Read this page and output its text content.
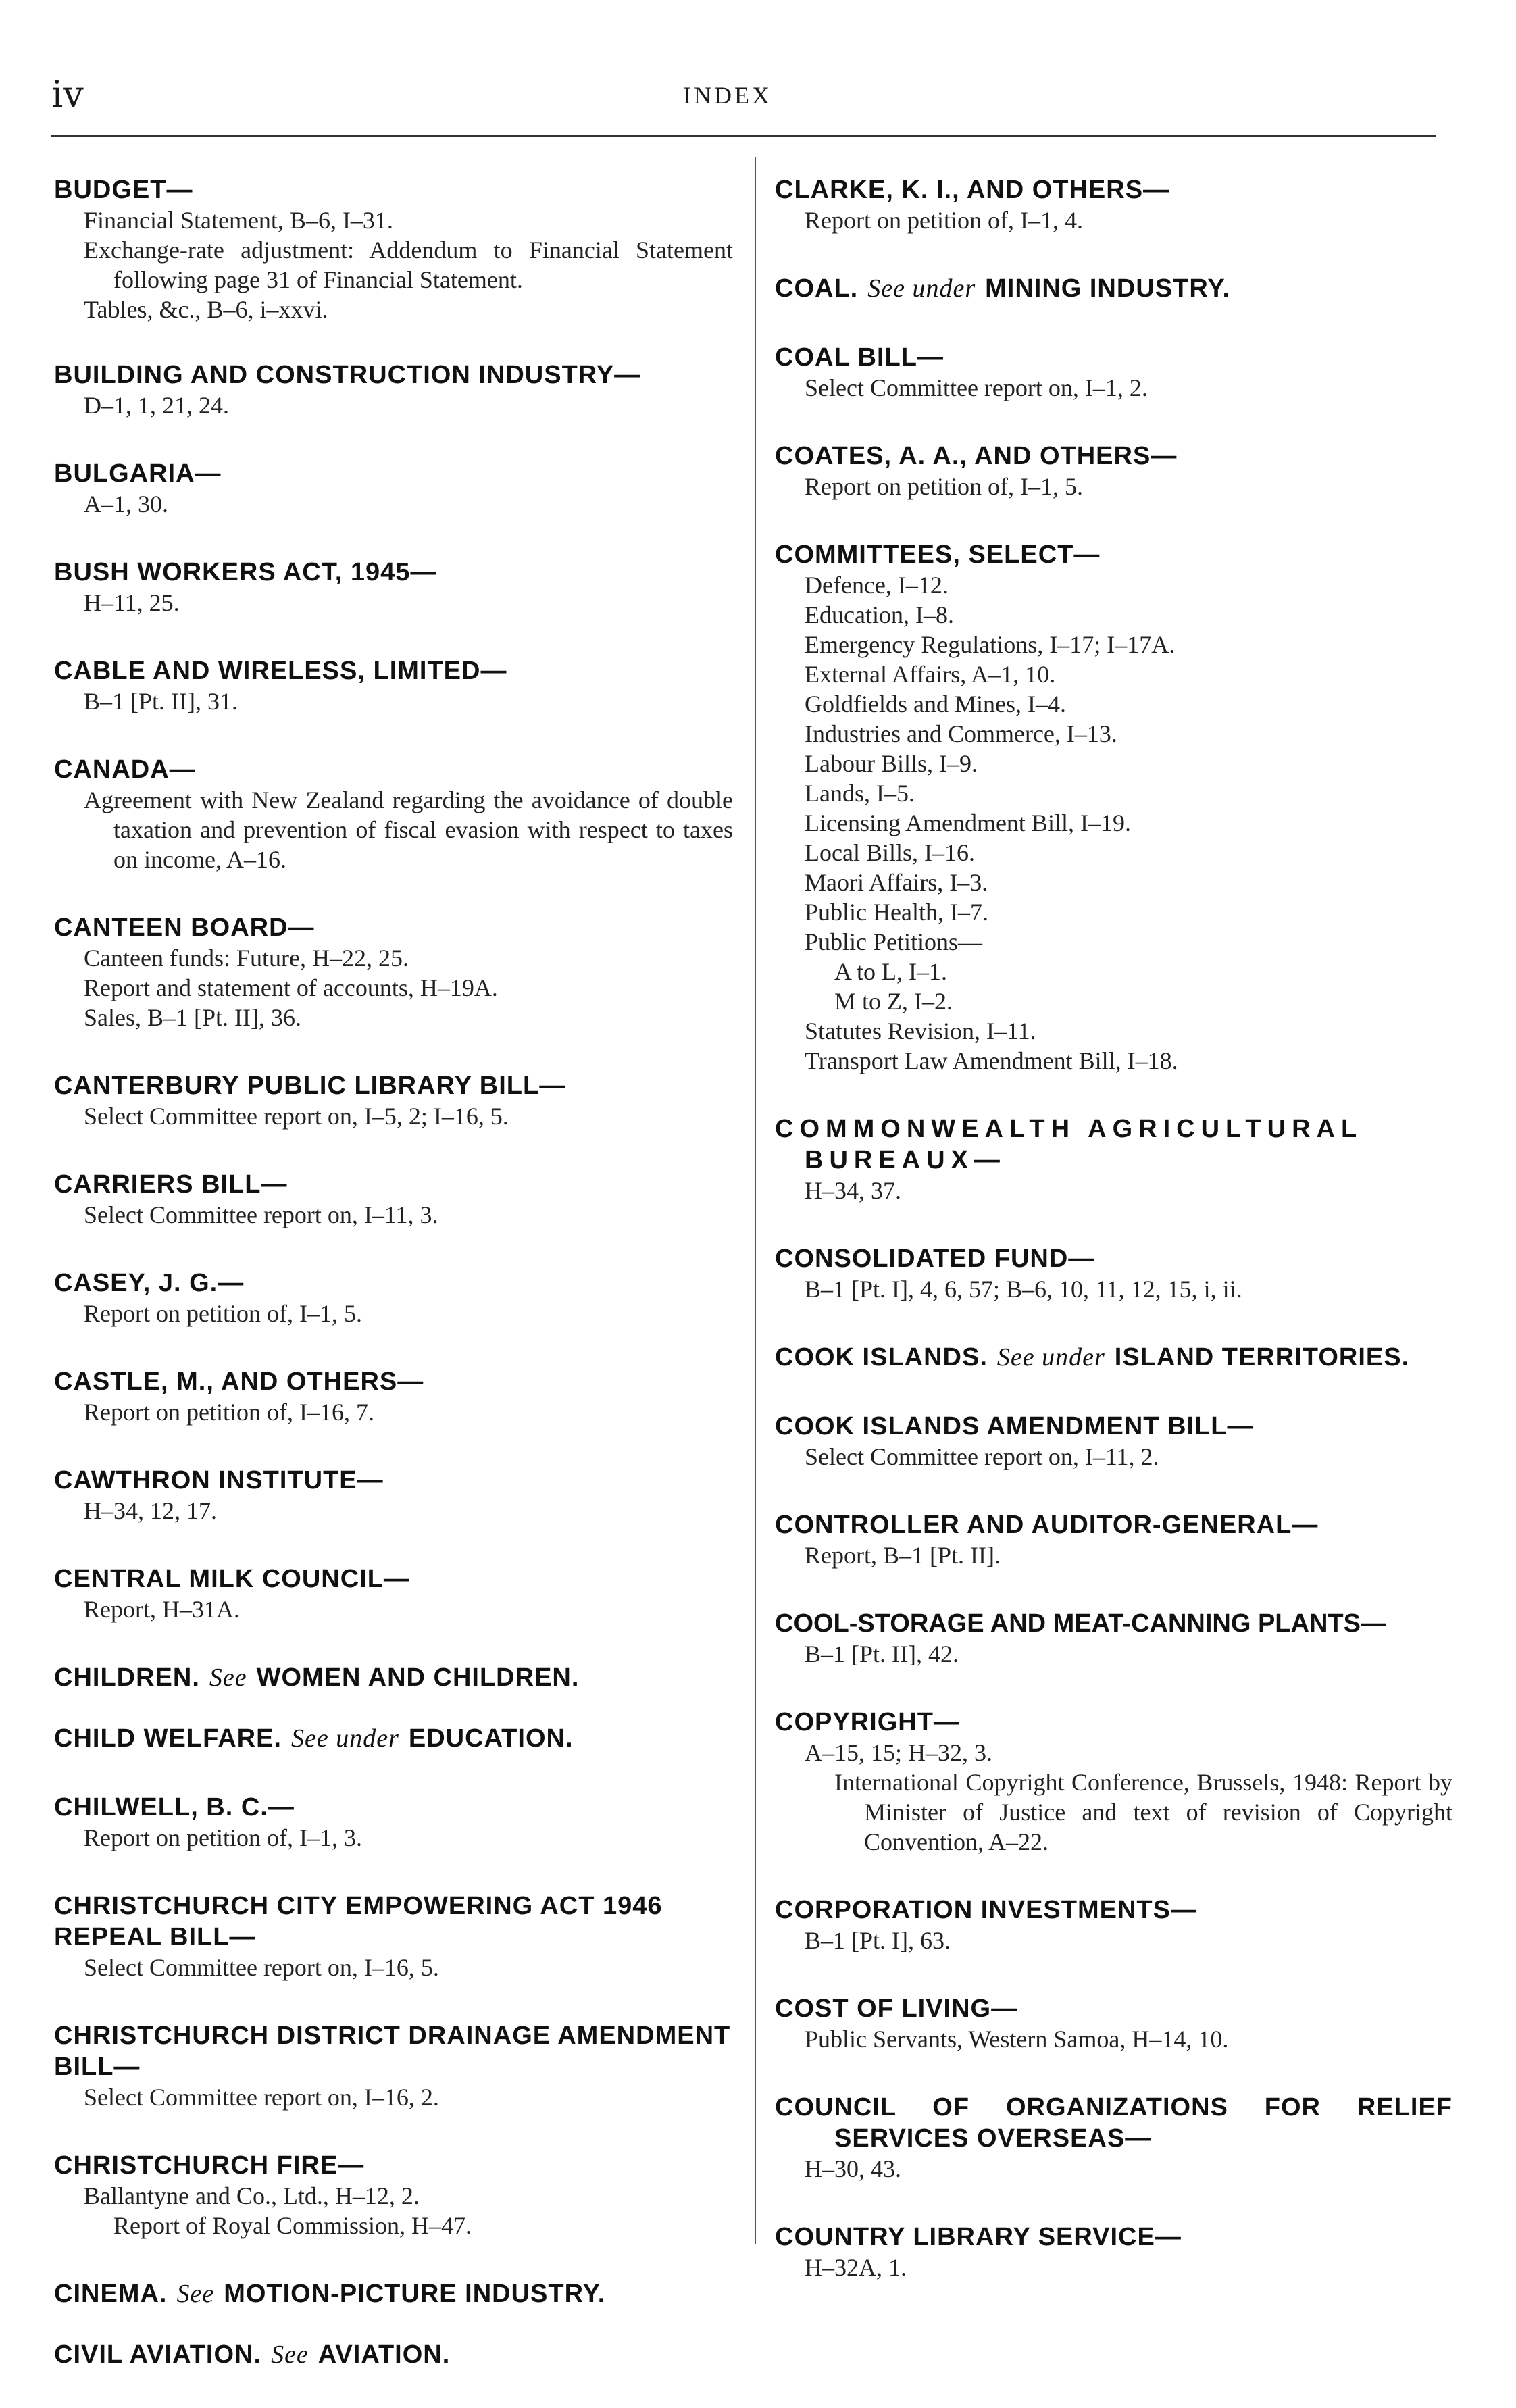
iv	INDEX
BUDGET—
Financial Statement, B–6, I–31.
Exchange-rate adjustment: Addendum to Financial Statement following page 31 of Financial Statement.
Tables, &c., B–6, i–xxvi.
BUILDING AND CONSTRUCTION INDUSTRY—
D–1, 1, 21, 24.
BULGARIA—
A–1, 30.
BUSH WORKERS ACT, 1945—
H–11, 25.
CABLE AND WIRELESS, LIMITED—
B–1 [Pt. II], 31.
CANADA—
Agreement with New Zealand regarding the avoidance of double taxation and prevention of fiscal evasion with respect to taxes on income, A–16.
CANTEEN BOARD—
Canteen funds: Future, H–22, 25.
Report and statement of accounts, H–19A.
Sales, B–1 [Pt. II], 36.
CANTERBURY PUBLIC LIBRARY BILL—
Select Committee report on, I–5, 2; I–16, 5.
CARRIERS BILL—
Select Committee report on, I–11, 3.
CASEY, J. G.—
Report on petition of, I–1, 5.
CASTLE, M., AND OTHERS—
Report on petition of, I–16, 7.
CAWTHRON INSTITUTE—
H–34, 12, 17.
CENTRAL MILK COUNCIL—
Report, H–31A.
CHILDREN. See WOMEN AND CHILDREN.
CHILD WELFARE. See under EDUCATION.
CHILWELL, B. C.—
Report on petition of, I–1, 3.
CHRISTCHURCH CITY EMPOWERING ACT 1946 REPEAL BILL—
Select Committee report on, I–16, 5.
CHRISTCHURCH DISTRICT DRAINAGE AMENDMENT BILL—
Select Committee report on, I–16, 2.
CHRISTCHURCH FIRE—
Ballantyne and Co., Ltd., H–12, 2.
Report of Royal Commission, H–47.
CINEMA. See MOTION-PICTURE INDUSTRY.
CIVIL AVIATION. See AVIATION.
CLARKE, K. I., AND OTHERS—
Report on petition of, I–1, 4.
COAL. See under MINING INDUSTRY.
COAL BILL—
Select Committee report on, I–1, 2.
COATES, A. A., AND OTHERS—
Report on petition of, I–1, 5.
COMMITTEES, SELECT—
Defence, I–12.
Education, I–8.
Emergency Regulations, I–17; I–17A.
External Affairs, A–1, 10.
Goldfields and Mines, I–4.
Industries and Commerce, I–13.
Labour Bills, I–9.
Lands, I–5.
Licensing Amendment Bill, I–19.
Local Bills, I–16.
Maori Affairs, I–3.
Public Health, I–7.
Public Petitions—
A to L, I–1.
M to Z, I–2.
Statutes Revision, I–11.
Transport Law Amendment Bill, I–18.
COMMONWEALTH AGRICULTURAL BUREAUX—
H–34, 37.
CONSOLIDATED FUND—
B–1 [Pt. I], 4, 6, 57; B–6, 10, 11, 12, 15, i, ii.
COOK ISLANDS. See under ISLAND TERRITORIES.
COOK ISLANDS AMENDMENT BILL—
Select Committee report on, I–11, 2.
CONTROLLER AND AUDITOR-GENERAL—
Report, B–1 [Pt. II].
COOL-STORAGE AND MEAT-CANNING PLANTS—
B–1 [Pt. II], 42.
COPYRIGHT—
A–15, 15; H–32, 3.
International Copyright Conference, Brussels, 1948: Report by Minister of Justice and text of revision of Copyright Convention, A–22.
CORPORATION INVESTMENTS—
B–1 [Pt. I], 63.
COST OF LIVING—
Public Servants, Western Samoa, H–14, 10.
COUNCIL OF ORGANIZATIONS FOR RELIEF SERVICES OVERSEAS—
H–30, 43.
COUNTRY LIBRARY SERVICE—
H–32A, 1.
